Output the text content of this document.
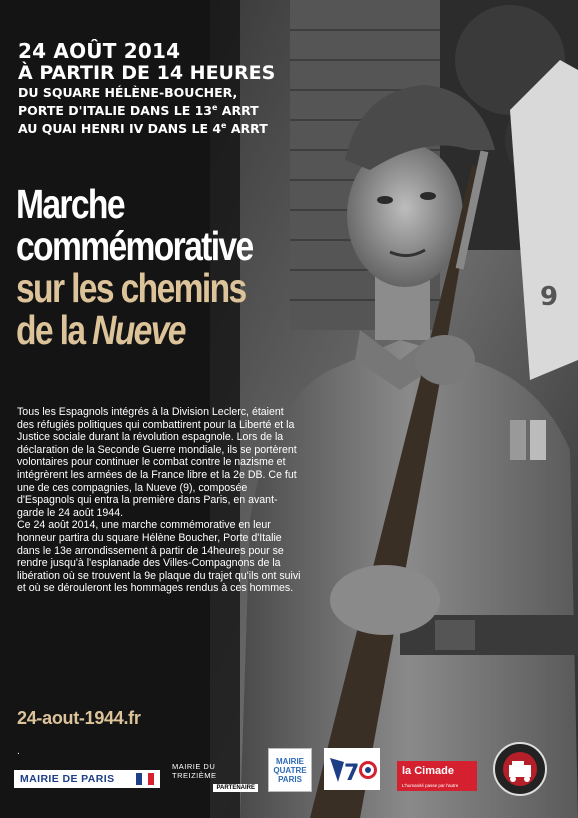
9

24 AOÛT 2014

À PARTIR DE 14 HEURES

DU SQUARE HÉLÈNE-BOUCHER,
PORTE D'ITALIE DANS LE 13e ARRT
AU QUAI HENRI IV DANS LE 4e ARRT

Marche
commémorative
sur les chemins
de la Nueve

Tous les Espagnols intégrés à la Division Leclerc, étaient des réfugiés politiques qui combattirent pour la Liberté et la Justice sociale durant la révolution espagnole. Lors de la déclaration de la Seconde Guerre mondiale, ils se portèrent volontaires pour continuer le combat contre le nazisme et intégrèrent les armées de la France libre et la 2e DB. Ce fut une de ces compagnies, la Nueve (9), composée d'Espagnols qui entra la première dans Paris, en avant-garde le 24 août 1944.

Ce 24 août 2014, une marche commémorative en leur honneur partira du square Hélène Boucher, Porte d'Italie dans le 13e arrondissement à partir de 14heures pour se rendre jusqu'à l'esplanade des Villes-Compagnons de la libération où se trouvent la 9e plaque du trajet qu'ils ont suivi et où se dérouleront les hommages rendus à ces hommes.

24-aout-1944.fr
.
MAIRIE DE PARIS
MAIRIE DU TREIZIÈME
PARTENAIRE
MAIRIE
QUATRE
PARIS 7	la Cimade
L'humanité passe par l'autre
